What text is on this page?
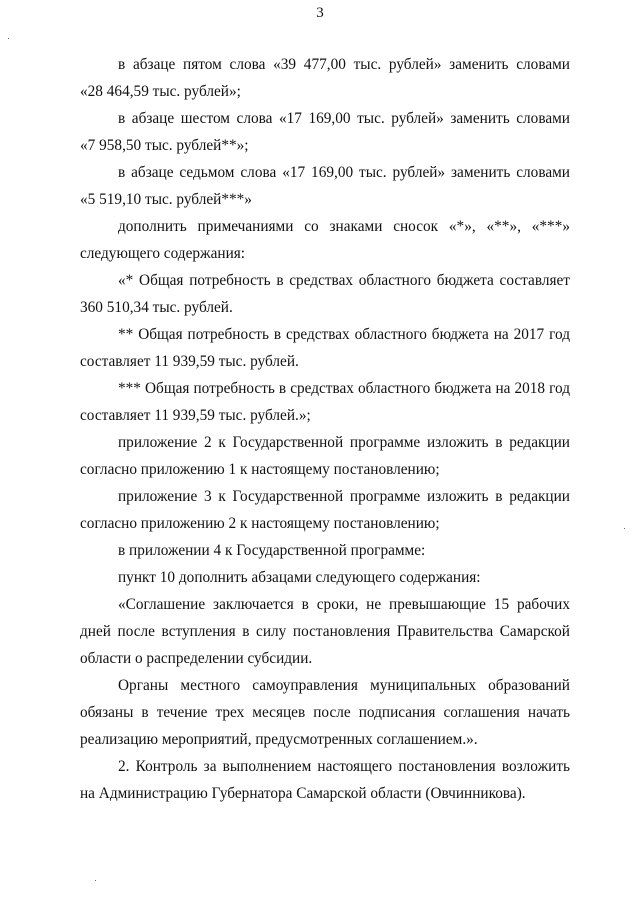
3
в абзаце пятом слова «39 477,00 тыс. рублей» заменить словами
«28 464,59 тыс. рублей»;
в абзаце шестом слова «17 169,00 тыс. рублей» заменить словами
«7 958,50 тыс. рублей**»;
в абзаце седьмом слова «17 169,00 тыс. рублей» заменить словами
«5 519,10 тыс. рублей***»
дополнить примечаниями со знаками сносок «*», «**», «***»
следующего содержания:
«* Общая потребность в средствах областного бюджета составляет
360 510,34 тыс. рублей.
** Общая потребность в средствах областного бюджета на 2017 год
составляет 11 939,59 тыс. рублей.
*** Общая потребность в средствах областного бюджета на 2018 год
составляет 11 939,59 тыс. рублей.»;
приложение 2 к Государственной программе изложить в редакции
согласно приложению 1 к настоящему постановлению;
приложение 3 к Государственной программе изложить в редакции
согласно приложению 2 к настоящему постановлению;
в приложении 4 к Государственной программе:
пункт 10 дополнить абзацами следующего содержания:
«Соглашение заключается в сроки, не превышающие 15 рабочих
дней после вступления в силу постановления Правительства Самарской
области о распределении субсидии.
Органы местного самоуправления муниципальных образований
обязаны в течение трех месяцев после подписания соглашения начать
реализацию мероприятий, предусмотренных соглашением.».
2. Контроль за выполнением настоящего постановления возложить
на Администрацию Губернатора Самарской области (Овчинникова).
